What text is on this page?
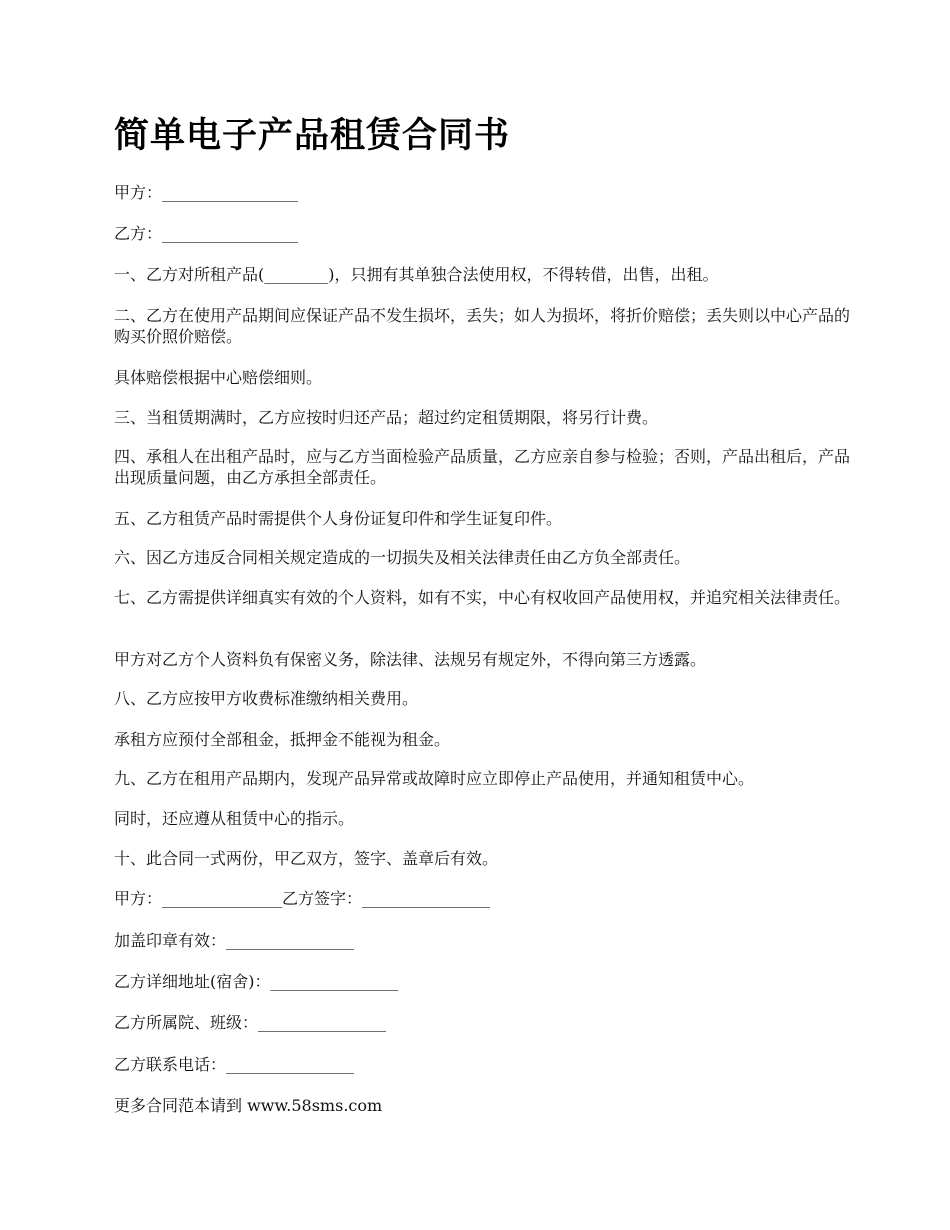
简单电子产品租赁合同书

甲方：_________________

乙方：_________________

一、乙方对所租产品(________)，只拥有其单独合法使用权，不得转借，出售，出租。

二、乙方在使用产品期间应保证产品不发生损坏，丢失；如人为损坏，将折价赔偿；丢失则以中心产品的购买价照价赔偿。

具体赔偿根据中心赔偿细则。

三、当租赁期满时，乙方应按时归还产品；超过约定租赁期限，将另行计费。

四、承租人在出租产品时，应与乙方当面检验产品质量，乙方应亲自参与检验；否则，产品出租后，产品出现质量问题，由乙方承担全部责任。

五、乙方租赁产品时需提供个人身份证复印件和学生证复印件。

六、因乙方违反合同相关规定造成的一切损失及相关法律责任由乙方负全部责任。

七、乙方需提供详细真实有效的个人资料，如有不实，中心有权收回产品使用权，并追究相关法律责任。

甲方对乙方个人资料负有保密义务，除法律、法规另有规定外，不得向第三方透露。

八、乙方应按甲方收费标准缴纳相关费用。

承租方应预付全部租金，抵押金不能视为租金。

九、乙方在租用产品期内，发现产品异常或故障时应立即停止产品使用，并通知租赁中心。

同时，还应遵从租赁中心的指示。

十、此合同一式两份，甲乙双方，签字、盖章后有效。

甲方：_______________乙方签字：________________

加盖印章有效：________________

乙方详细地址(宿舍)：________________

乙方所属院、班级：________________

乙方联系电话：________________

更多合同范本请到 www.58sms.com
